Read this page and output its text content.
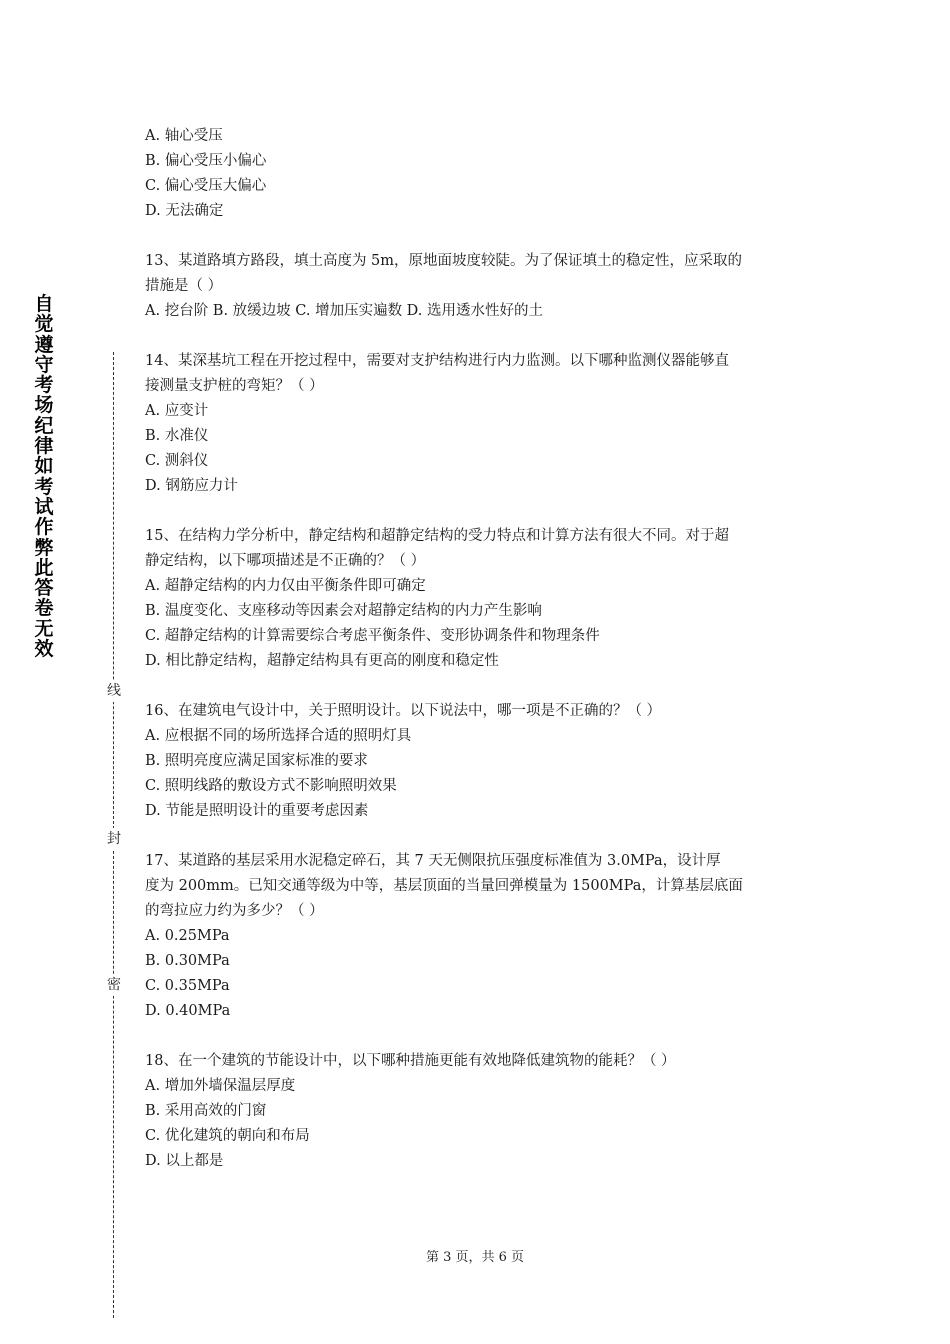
自
觉
遵
守
考
场
纪
律
如
考
试
作
弊
此
答
卷
无
效
线
封
密
A. 轴心受压
B. 偏心受压小偏心
C. 偏心受压大偏心
D. 无法确定
13、某道路填方路段，填土高度为 5m，原地面坡度较陡。为了保证填土的稳定性，应采取的
措施是（ ）
A. 挖台阶 B. 放缓边坡 C. 增加压实遍数 D. 选用透水性好的土
14、某深基坑工程在开挖过程中，需要对支护结构进行内力监测。以下哪种监测仪器能够直
接测量支护桩的弯矩？（ ）
A. 应变计
B. 水准仪
C. 测斜仪
D. 钢筋应力计
15、在结构力学分析中，静定结构和超静定结构的受力特点和计算方法有很大不同。对于超
静定结构，以下哪项描述是不正确的？（ ）
A. 超静定结构的内力仅由平衡条件即可确定
B. 温度变化、支座移动等因素会对超静定结构的内力产生影响
C. 超静定结构的计算需要综合考虑平衡条件、变形协调条件和物理条件
D. 相比静定结构，超静定结构具有更高的刚度和稳定性
16、在建筑电气设计中，关于照明设计。以下说法中，哪一项是不正确的？（ ）
A. 应根据不同的场所选择合适的照明灯具
B. 照明亮度应满足国家标准的要求
C. 照明线路的敷设方式不影响照明效果
D. 节能是照明设计的重要考虑因素
17、某道路的基层采用水泥稳定碎石，其 7 天无侧限抗压强度标准值为 3.0MPa，设计厚
度为 200mm。已知交通等级为中等，基层顶面的当量回弹模量为 1500MPa，计算基层底面
的弯拉应力约为多少？（ ）
A. 0.25MPa
B. 0.30MPa
C. 0.35MPa
D. 0.40MPa
18、在一个建筑的节能设计中，以下哪种措施更能有效地降低建筑物的能耗？（ ）
A. 增加外墙保温层厚度
B. 采用高效的门窗
C. 优化建筑的朝向和布局
D. 以上都是
第 3 页，共 6 页
